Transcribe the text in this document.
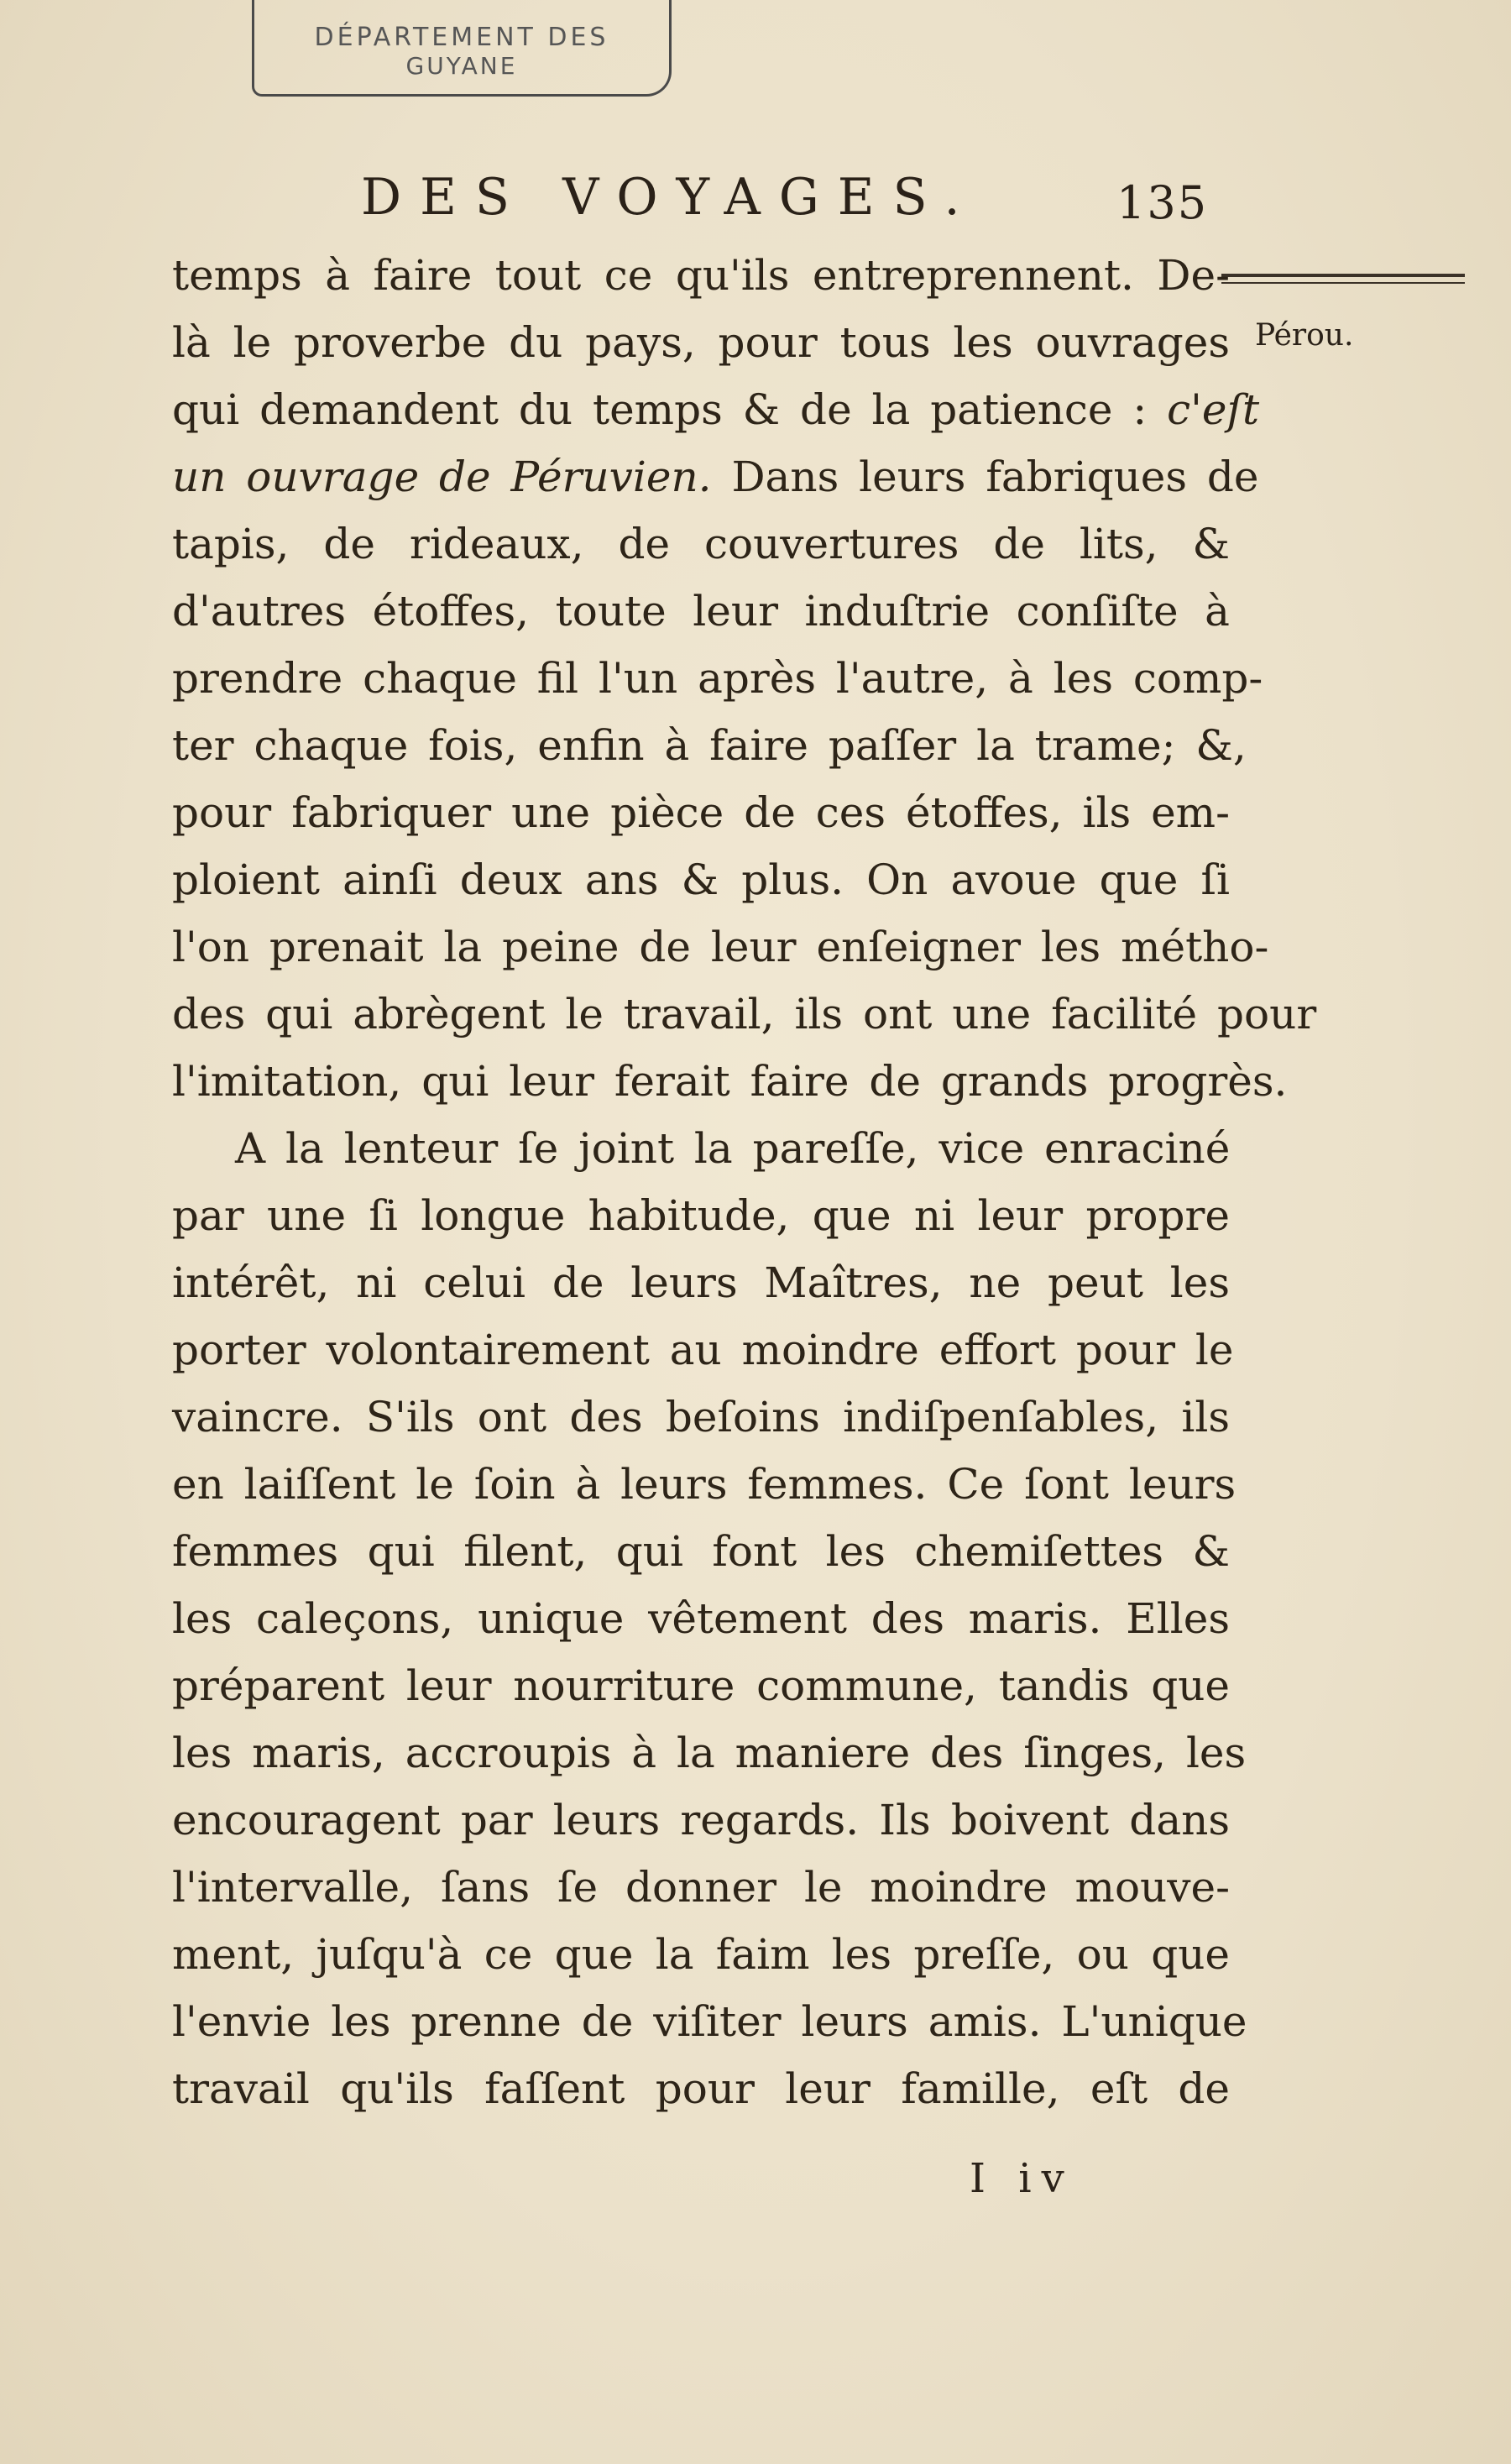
DÉPARTEMENT DES
GUYANE
DES VOYAGES.	135
Pérou.
temps à faire tout ce qu'ils entreprennent. De-
là le proverbe du pays, pour tous les ouvrages
qui demandent du temps & de la patience : c'eſt
un ouvrage de Péruvien. Dans leurs fabriques de
tapis, de rideaux, de couvertures de lits, &
d'autres étoffes, toute leur induſtrie conſiſte à
prendre chaque fil l'un après l'autre, à les comp-
ter chaque fois, enfin à faire paſſer la trame; &,
pour fabriquer une pièce de ces étoffes, ils em-
ploient ainſi deux ans & plus. On avoue que ſi
l'on prenait la peine de leur enſeigner les métho-
des qui abrègent le travail, ils ont une facilité pour
l'imitation, qui leur ferait faire de grands progrès.
A la lenteur ſe joint la pareſſe, vice enraciné
par une ſi longue habitude, que ni leur propre
intérêt, ni celui de leurs Maîtres, ne peut les
porter volontairement au moindre effort pour le
vaincre. S'ils ont des beſoins indiſpenſables, ils
en laiſſent le ſoin à leurs femmes. Ce ſont leurs
femmes qui filent, qui font les chemiſettes &
les caleçons, unique vêtement des maris. Elles
préparent leur nourriture commune, tandis que
les maris, accroupis à la maniere des ſinges, les
encouragent par leurs regards. Ils boivent dans
l'intervalle, ſans ſe donner le moindre mouve-
ment, juſqu'à ce que la faim les preſſe, ou que
l'envie les prenne de viſiter leurs amis. L'unique
travail qu'ils faſſent pour leur famille, eſt de
I iv
